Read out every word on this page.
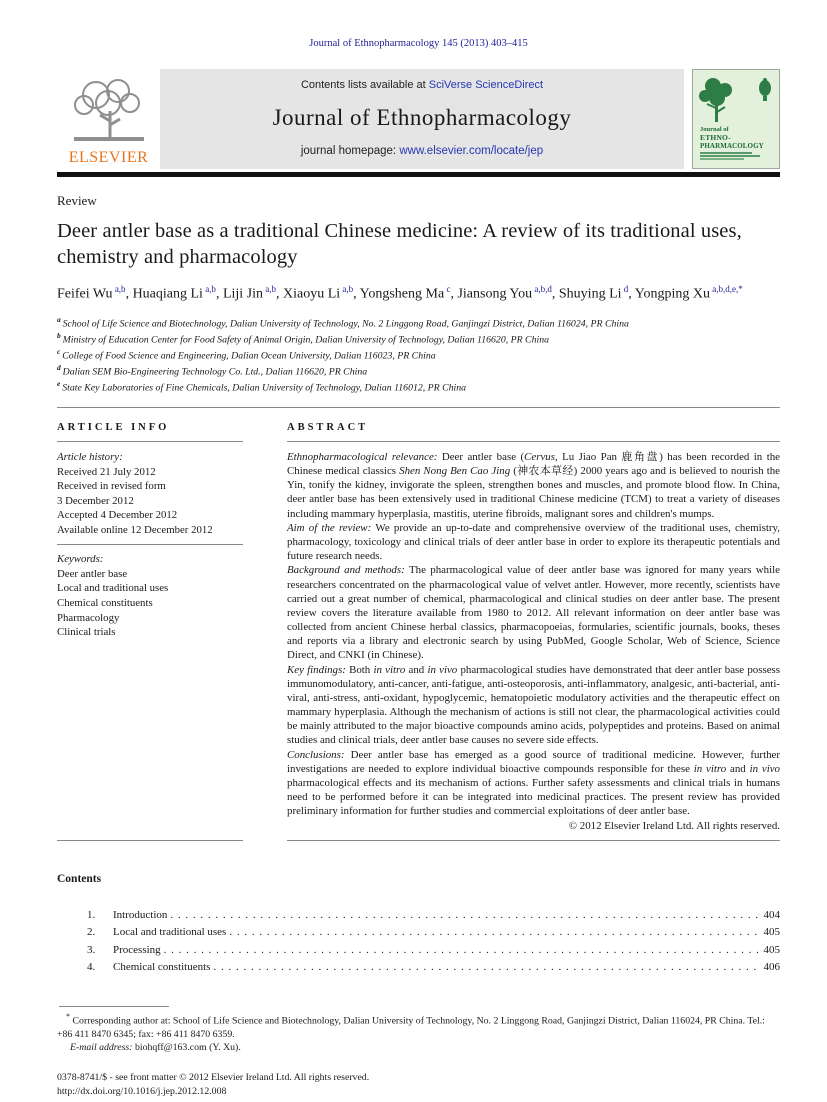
Journal of Ethnopharmacology 145 (2013) 403–415
ELSEVIER
Contents lists available at SciVerse ScienceDirect
Journal of Ethnopharmacology
journal homepage: www.elsevier.com/locate/jep
Journal of
ETHNO-
PHARMACOLOGY
Review
Deer antler base as a traditional Chinese medicine: A review of its traditional uses, chemistry and pharmacology
Feifei Wu $^{a,b}$, Huaqiang Li $^{a,b}$, Liji Jin $^{a,b}$, Xiaoyu Li $^{a,b}$, Yongsheng Ma $^c$, Jiansong You $^{a,b,d}$, Shuying Li $^d$, Yongping Xu $^{a,b,d,e,*}$
$^a$ School of Life Science and Biotechnology, Dalian University of Technology, No. 2 Linggong Road, Ganjingzi District, Dalian 116024, PR China
$^b$ Ministry of Education Center for Food Safety of Animal Origin, Dalian University of Technology, Dalian 116620, PR China
$^c$ College of Food Science and Engineering, Dalian Ocean University, Dalian 116023, PR China
$^d$ Dalian SEM Bio-Engineering Technology Co. Ltd., Dalian 116620, PR China
$^e$ State Key Laboratories of Fine Chemicals, Dalian University of Technology, Dalian 116012, PR China
ARTICLE INFO
Article history:
Received 21 July 2012
Received in revised form
3 December 2012
Accepted 4 December 2012
Available online 12 December 2012
Keywords:
Deer antler base
Local and traditional uses
Chemical constituents
Pharmacology
Clinical trials
ABSTRACT
Ethnopharmacological relevance: Deer antler base (Cervus, Lu Jiao Pan 鹿角盘) has been recorded in the Chinese medical classics Shen Nong Ben Cao Jing (神农本草经) 2000 years ago and is believed to nourish the Yin, tonify the kidney, invigorate the spleen, strengthen bones and muscles, and promote blood flow. In China, deer antler base has been extensively used in traditional Chinese medicine (TCM) to treat a variety of diseases including mammary hyperplasia, mastitis, uterine fibroids, malignant sores and children's mumps.
Aim of the review: We provide an up-to-date and comprehensive overview of the traditional uses, chemistry, pharmacology, toxicology and clinical trials of deer antler base in order to explore its therapeutic potentials and future research needs.
Background and methods: The pharmacological value of deer antler base was ignored for many years while researchers concentrated on the pharmacological value of velvet antler. However, more recently, scientists have carried out a great number of chemical, pharmacological and clinical studies on deer antler base. The present review covers the literature available from 1980 to 2012. All relevant information on deer antler base was collected from ancient Chinese herbal classics, pharmacopoeias, formularies, scientific journals, books, theses and reports via a library and electronic search by using PubMed, Google Scholar, Web of Science, Science Direct, and CNKI (in Chinese).
Key findings: Both in vitro and in vivo pharmacological studies have demonstrated that deer antler base possess immunomodulatory, anti-cancer, anti-fatigue, anti-osteoporosis, anti-inflammatory, analgesic, anti-bacterial, anti-viral, anti-stress, anti-oxidant, hypoglycemic, hematopoietic modulatory activities and the therapeutic effect on mammary hyperplasia. Although the mechanism of actions is still not clear, the pharmacological activities could be mainly attributed to the major bioactive compounds amino acids, polypeptides and proteins. Based on animal studies and clinical trials, deer antler base causes no severe side effects.
Conclusions: Deer antler base has emerged as a good source of traditional medicine. However, further investigations are needed to explore individual bioactive compounds responsible for these in vitro and in vivo pharmacological effects and its mechanism of actions. Further safety assessments and clinical trials in humans need to be performed before it can be integrated into medicinal practices. The present review has provided preliminary information for further studies and commercial exploitations of deer antler base.
© 2012 Elsevier Ireland Ltd. All rights reserved.
Contents
1.	Introduction . . .	404
2.	Local and traditional uses . . .	405
3.	Processing . . .	405
4.	Chemical constituents . . .	406
* Corresponding author at: School of Life Science and Biotechnology, Dalian University of Technology, No. 2 Linggong Road, Ganjingzi District, Dalian 116024, PR China. Tel.: +86 411 8470 6345; fax: +86 411 8470 6359.
E-mail address: biohqff@163.com (Y. Xu).
0378-8741/$ - see front matter © 2012 Elsevier Ireland Ltd. All rights reserved.
http://dx.doi.org/10.1016/j.jep.2012.12.008
